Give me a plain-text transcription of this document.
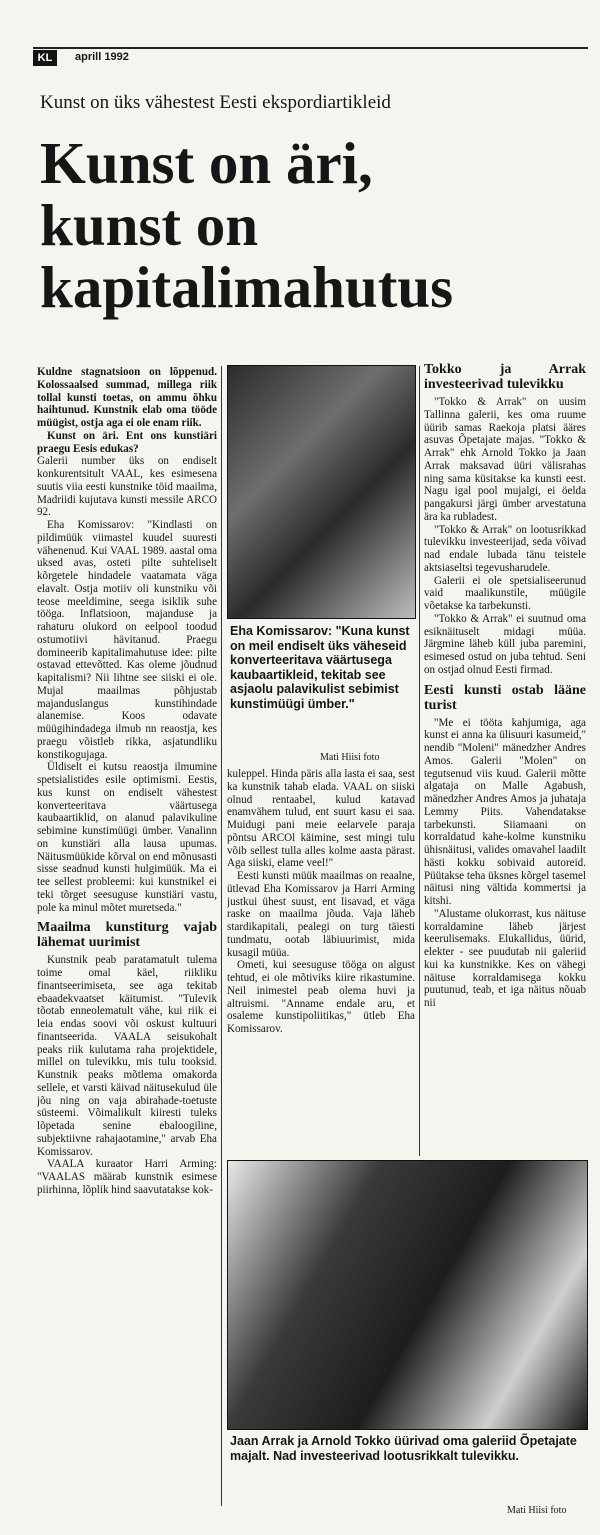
KL	aprill 1992
Kunst on üks vähestest Eesti ekspordiartikleid
Kunst on äri,
kunst on
kapitalimahutus

Kuldne stagnatsioon on lõppenud. Kolossaalsed summad, millega riik tollal kunsti toetas, on ammu õhku haihtunud. Kunstnik elab oma tööde müügist, ostja aga ei ole enam riik.

Kunst on äri. Ent ons kunstiäri praegu Eesis edukas?

Galerii number üks on endiselt konkurentsitult VAAL, kes esimesena suutis viia eesti kunstnike töid maailma, Madriidi kujutava kunsti messile ARCO 92.

Eha Komissarov: "Kindlasti on pildimüük viimastel kuudel suuresti vähenenud. Kui VAAL 1989. aastal oma uksed avas, osteti pilte suhteliselt kõrgetele hindadele vaatamata väga elavalt. Ostja motiiv oli kunstniku või teose meeldimine, seega isiklik suhe tööga. Inflatsioon, majanduse ja rahaturu olukord on eelpool toodud ostumotiivi hävitanud. Praegu domineerib kapitalimahutuse idee: pilte ostavad ettevõtted. Kas oleme jõudnud kapitalismi? Nii lihtne see siiski ei ole. Mujal maailmas põhjustab majanduslangus kunstihindade alanemise. Koos odavate müügihindadega ilmub nn reaostja, kes praegu võistleb rikka, asjatundliku konstikogujaga.

Üldiselt ei kutsu reaostja ilmumine spetsialistides esile optimismi. Eestis, kus kunst on endiselt vähestest konverteeritava väärtusega kaubaartiklid, on alanud palavikuline sebimine kunstimüügi ümber. Vanalinn on kunstiäri alla lausa upumas. Näitusmüükide kõrval on end mõnusasti sisse seadnud kunsti hulgimüük. Ma ei tee sellest probleemi: kui kunstnikel ei teki tõrget seesuguse kunstiäri vastu, pole ka minul mõtet muretseda."

Maailma kunstiturg vajab lähemat uurimist

Kunstnik peab paratamatult tulema toime omal käel, riikliku finantseerimiseta, see aga tekitab ebaadekvaatset käitumist. "Tulevik tõotab enneolematult vähe, kui riik ei leia endas soovi või oskust kultuuri finantseerida. VAALA seisukohalt peaks riik kulutama raha projektidele, millel on tulevikku, mis tulu tooksid. Kunstnik peaks mõtlema omakorda sellele, et varsti käivad näitusekulud üle jõu ning on vaja abirahade-toetuste süsteemi. Võimalikult kiiresti tuleks lõpetada senine ebaloogiline, subjektiivne rahajaotamine," arvab Eha Komissarov.

VAALA kuraator Harri Arming: "VAALAS määrab kunstnik esimese piirhinna, lõplik hind saavutatakse kok-

Eha Komissarov: "Kuna kunst on meil endiselt üks väheseid konverteeritava väärtusega kaubaartikleid, tekitab see asjaolu palavikulist sebimist kunstimüügi ümber."
Mati Hiisi foto

kuleppel. Hinda päris alla lasta ei saa, sest ka kunstnik tahab elada. VAAL on siiski olnud rentaabel, kulud katavad enamvähem tulud, ent suurt kasu ei saa. Muidugi pani meie eelarvele paraja põntsu ARCOl käimine, sest mingi tulu võib sellest tulla alles kolme aasta pärast. Aga siiski, elame veel!"

Eesti kunsti müük maailmas on reaalne, ütlevad Eha Komissarov ja Harri Arming justkui ühest suust, ent lisavad, et väga raske on maailma jõuda. Vaja läheb stardikapitali, pealegi on turg täiesti tundmatu, ootab läbiuurimist, mida kusagil müüa.

Ometi, kui seesuguse tööga on algust tehtud, ei ole mõtiviks kiire rikastumine. Neil inimestel peab olema huvi ja altruismi. "Anname endale aru, et osaleme kunstipoliitikas," ütleb Eha Komissarov.

Tokko ja Arrak investeerivad tulevikku

"Tokko & Arrak" on uusim Tallinna galerii, kes oma ruume üürib samas Raekoja platsi ääres asuvas Õpetajate majas. "Tokko & Arrak" ehk Arnold Tokko ja Jaan Arrak maksavad üüri välisrahas ning sama küsitakse ka kunsti eest. Nagu igal pool mujalgi, ei öelda pangakursi järgi ümber arvestatuna ära ka rubladest.

"Tokko & Arrak" on lootusrikkad tulevikku investeerijad, seda võivad nad endale lubada tänu teistele aktsiaseltsi tegevusharudele.

Galerii ei ole spetsialiseerunud vaid maalikunstile, müügile võetakse ka tarbekunsti.

"Tokko & Arrak" ei suutnud oma esiknäituselt midagi müüa. Järgmine läheb küll juba paremini, esimesed ostud on juba tehtud. Seni on ostjad olnud Eesti firmad.

Eesti kunsti ostab lääne turist

"Me ei tööta kahjumiga, aga kunst ei anna ka ülisuuri kasumeid," nendib "Moleni" mänedzher Andres Amos. Galerii "Molen" on tegutsenud viis kuud. Galerii mõtte algataja on Malle Agabush, mänedzher Andres Amos ja juhataja Lemmy Piits. Vahendatakse tarbekunsti. Siiamaani on korraldatud kahe-kolme kunstniku ühisnäitusi, valides omavahel laadilt hästi kokku sobivaid autoreid. Püütakse teha üksnes kõrgel tasemel näitusi ning vältida kommertsi ja kitshi.

"Alustame olukorrast, kus näituse korraldamine läheb järjest keerulisemaks. Elukallidus, üürid, elekter - see puudutab nii galeriid kui ka kunstnikke. Kes on vähegi näituse korraldamisega kokku puutunud, teab, et iga näitus nõuab nii

Jaan Arrak ja Arnold Tokko üürivad oma galeriid Õpetajate majalt. Nad investeerivad lootusrikkalt tulevikku.
Mati Hiisi foto
